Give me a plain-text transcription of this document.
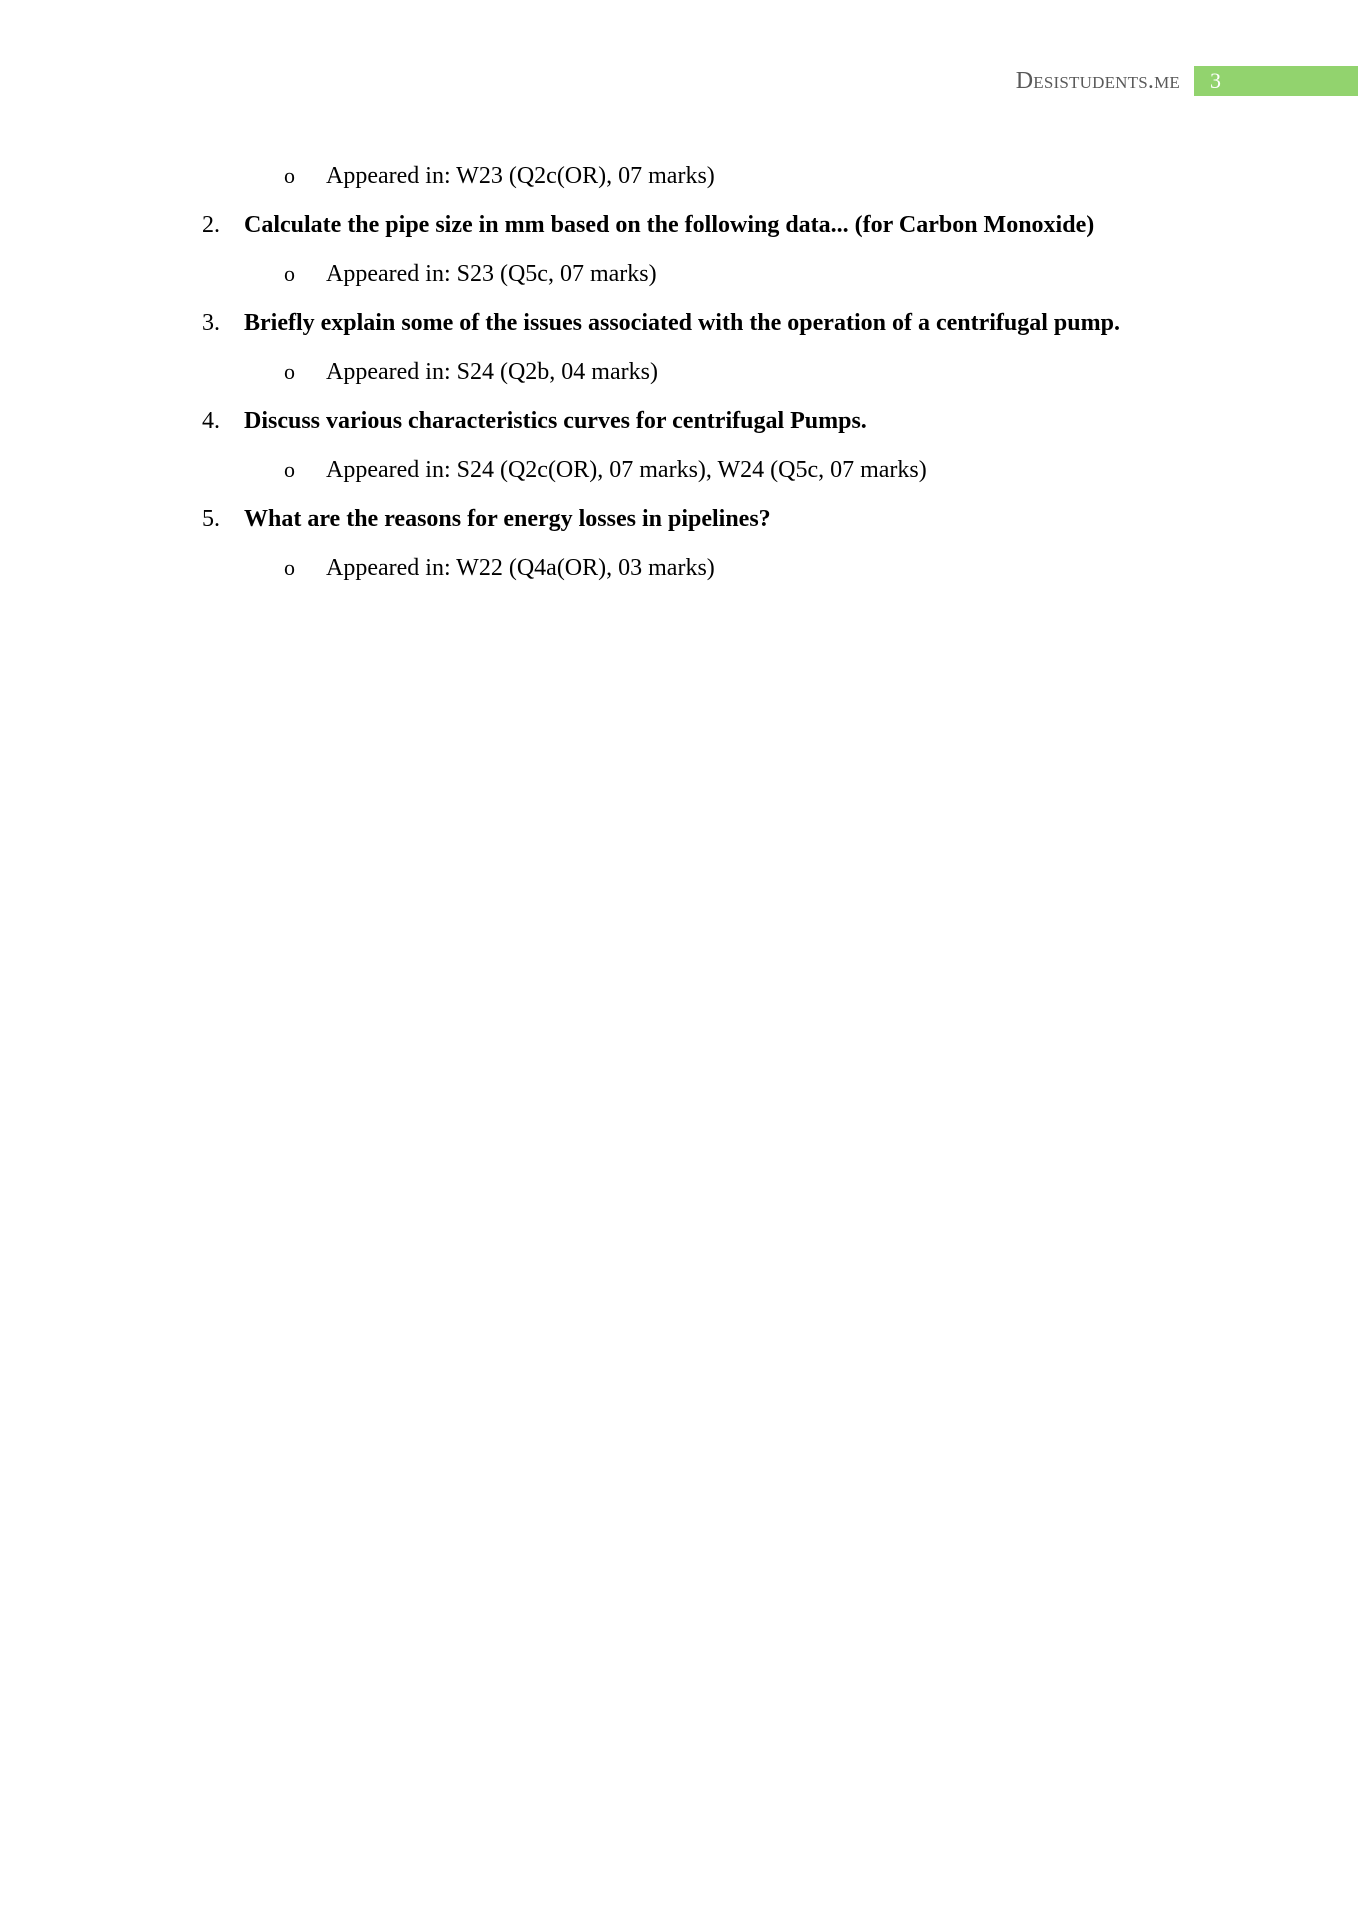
Desistudents.me	3
o Appeared in: W23 (Q2c(OR), 07 marks)
2.	Calculate the pipe size in mm based on the following data... (for Carbon Monoxide)
o Appeared in: S23 (Q5c, 07 marks)
3.	Briefly explain some of the issues associated with the operation of a centrifugal pump.
o Appeared in: S24 (Q2b, 04 marks)
4.	Discuss various characteristics curves for centrifugal Pumps.
o Appeared in: S24 (Q2c(OR), 07 marks), W24 (Q5c, 07 marks)
5.	What are the reasons for energy losses in pipelines?
o Appeared in: W22 (Q4a(OR), 03 marks)
